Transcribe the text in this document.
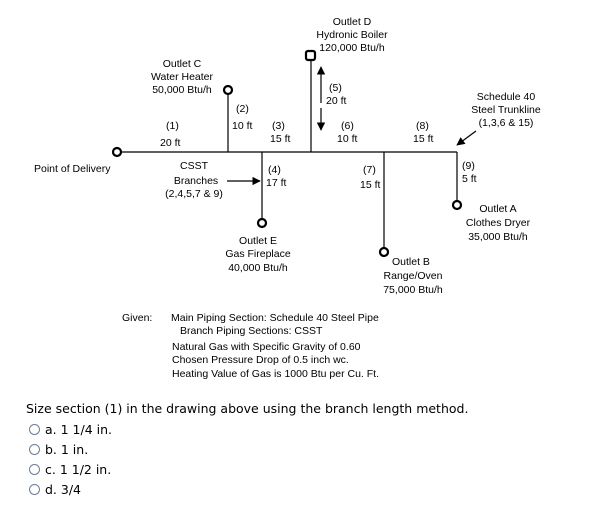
Outlet D
Hydronic Boiler
120,000 Btu/h
Outlet C
Water Heater
50,000 Btu/h
Schedule 40
Steel Trunkline
(1,3,6 & 15)
Point of Delivery
(1)
20 ft
(2)
10 ft (3)
15 ft
(4)
17 ft
(5)
20 ft
(6)
10 ft
(7)
15 ft
(8)
15 ft
(9)
5 ft
CSST
Branches
(2,4,5,7 & 9)
Outlet E
Gas Fireplace
40,000 Btu/h	Outlet B
Range/Oven
75,000 Btu/h
Outlet A
Clothes Dryer
35,000 Btu/h
Given: Main Piping Section: Schedule 40 Steel Pipe
Branch Piping Sections: CSST
Natural Gas with Specific Gravity of 0.60
Chosen Pressure Drop of 0.5 inch wc.
Heating Value of Gas is 1000 Btu per Cu. Ft.
Size section (1) in the drawing above using the branch length method.
a. 1 1/4 in.
b. 1 in.
c. 1 1/2 in.
d. 3/4
